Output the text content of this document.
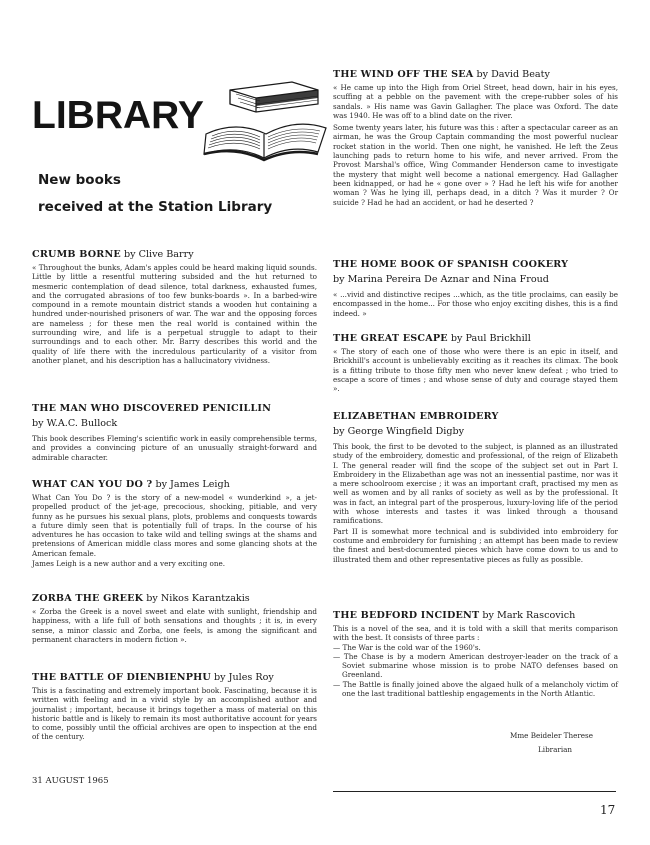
LIBRARY
New books
received at the Station Library
CRUMB BORNE by Clive Barry

« Throughout the bunks, Adam's apples could be heard making liquid sounds. Little by little a resentful muttering subsided and the hut returned to mesmeric contemplation of dead silence, total darkness, exhausted fumes, and the corrugated abrasions of too few bunks-boards ». In a barbed-wire compound in a remote mountain district stands a wooden hut containing a hundred under-nourished prisoners of war. The war and the opposing forces are nameless ; for these men the real world is contained within the surrounding wire, and life is a perpetual struggle to adapt to their surroundings and to each other. Mr. Barry describes this world and the quality of life there with the incredulous particularity of a visitor from another planet, and his description has a hallucinatory vividness.

THE MAN WHO DISCOVERED PENICILLIN
by W.A.C. Bullock

This book describes Fleming's scientific work in easily comprehensible terms, and provides a convincing picture of an unusually straight-forward and admirable character.

WHAT CAN YOU DO ? by James Leigh

What Can You Do ? is the story of a new-model « wunderkind », a jet-propelled product of the jet-age, precocious, shocking, pitiable, and very funny as he pursues his sexual plans, plots, problems and conquests towards a future dimly seen that is potentially full of traps. In the course of his adventures he has occasion to take wild and telling swings at the shams and pretensions of American middle class mores and some glancing shots at the American female.

James Leigh is a new author and a very exciting one.

ZORBA THE GREEK by Nikos Karantzakis

« Zorba the Greek is a novel sweet and elate with sunlight, friendship and happiness, with a life full of both sensations and thoughts ; it is, in every sense, a minor classic and Zorba, one feels, is among the significant and permanent characters in modern fiction ».

THE BATTLE OF DIENBIENPHU by Jules Roy

This is a fascinating and extremely important book. Fascinating, because it is written with feeling and in a vivid style by an accomplished author and journalist ; important, because it brings together a mass of material on this historic battle and is likely to remain its most authoritative account for years to come, possibly until the official archives are open to inspection at the end of the century.

THE WIND OFF THE SEA by David Beaty

« He came up into the High from Oriel Street, head down, hair in his eyes, scuffing at a pebble on the pavement with the crepe-rubber soles of his sandals. » His name was Gavin Gallagher. The place was Oxford. The date was 1940. He was off to a blind date on the river.

Some twenty years later, his future was this : after a spectacular career as an airman, he was the Group Captain commanding the most powerful nuclear rocket station in the world. Then one night, he vanished. He left the Zeus launching pads to return home to his wife, and never arrived. From the Provost Marshal's office, Wing Commander Henderson came to investigate the mystery that might well become a national emergency. Had Gallagher been kidnapped, or had he « gone over » ? Had he left his wife for another woman ? Was he lying ill, perhaps dead, in a ditch ? Was it murder ? Or suicide ? Had he had an accident, or had he deserted ?

THE HOME BOOK OF SPANISH COOKERY
by Marina Pereira De Aznar and Nina Froud

« ...vivid and distinctive recipes ...which, as the title proclaims, can easily be encompassed in the home... For those who enjoy exciting dishes, this is a find indeed. »

THE GREAT ESCAPE by Paul Brickhill

« The story of each one of those who were there is an epic in itself, and Brickhill's account is unbelievably exciting as it reaches its climax. The book is a fitting tribute to those fifty men who never knew defeat ; who tried to escape a score of times ; and whose sense of duty and courage stayed them ».

ELIZABETHAN EMBROIDERY
by George Wingfield Digby

This book, the first to be devoted to the subject, is planned as an illustrated study of the embroidery, domestic and professional, of the reign of Elizabeth I. The general reader will find the scope of the subject set out in Part I. Embroidery in the Elizabethan age was not an inessential pastime, nor was it a mere schoolroom exercise ; it was an important craft, practised my men as well as women and by all ranks of society as well as by the professional. It was in fact, an integral part of the prosperous, luxury-loving life of the period with whose interests and tastes it was linked through a thousand ramifications.

Part II is somewhat more technical and is subdivided into embroidery for costume and embroidery for furnishing ; an attempt has been made to review the finest and best-documented pieces which have come down to us and to illustrated them and other representative pieces as fully as possible.

THE BEDFORD INCIDENT by Mark Rascovich

This is a novel of the sea, and it is told with a skill that merits comparison with the best. It consists of three parts :

— The War is the cold war of the 1960's.

— The Chase is by a modern American destroyer-leader on the track of a Soviet submarine whose mission is to probe NATO defenses based on Greenland.

— The Battle is finally joined above the algaed hulk of a melancholy victim of one the last traditional battleship engagements in the North Atlantic.

Mme Beideler Therese
Librarian
31 AUGUST 1965
17
